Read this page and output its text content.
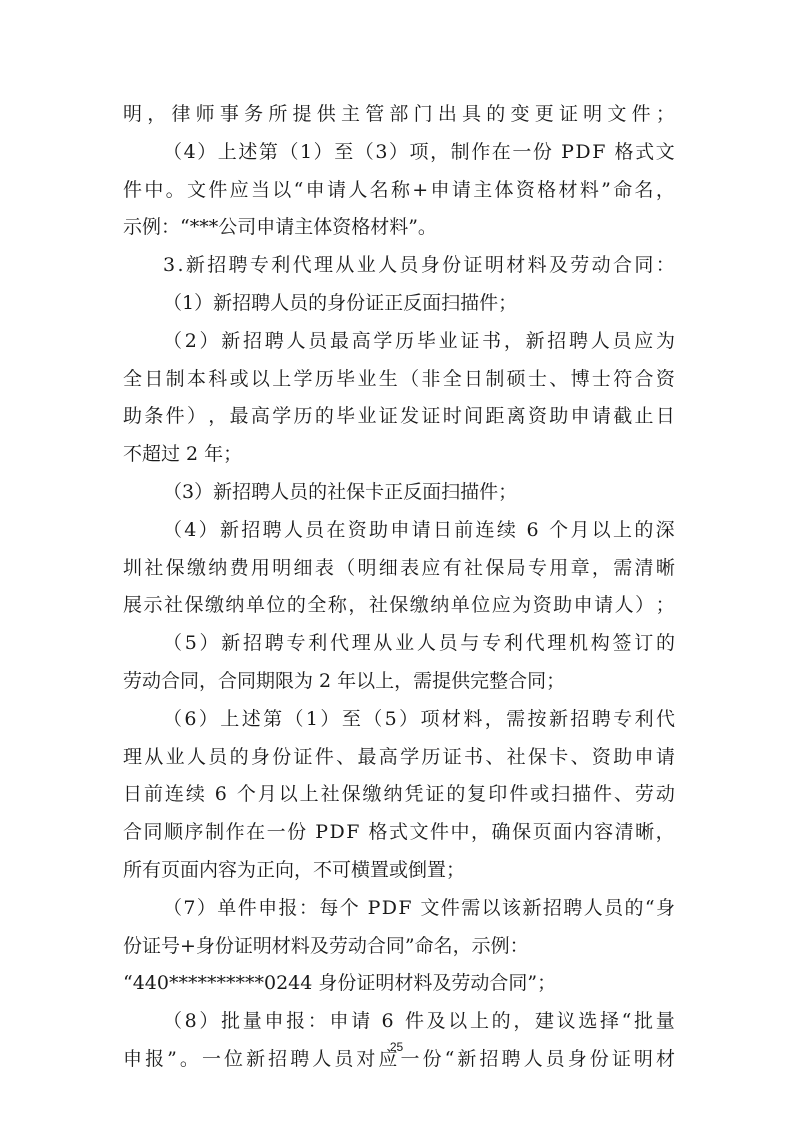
明 ， 律 师 事 务 所 提 供 主 管 部 门 出 具 的 变 更 证 明 文 件 ；
（ 4 ） 上 述 第 （ 1 ） 至 （ 3 ） 项 ， 制 作 在 一 份
P D F
格 式 文
件 中 。 文 件 应 当 以 “ 申 请 人 名 称 + 申 请 主 体 资 格 材 料 ” 命 名 ，
示例：“***公司申请主体资格材料”。
3 . 新 招 聘 专 利 代 理 从 业 人 员 身 份 证 明 材 料 及 劳 动 合 同 ：
（1）新招聘人员的身份证正反面扫描件；
（ 2 ） 新 招 聘 人 员 最 高 学 历 毕 业 证 书 ， 新 招 聘 人 员 应 为
全 日 制 本 科 或 以 上 学 历 毕 业 生 （ 非 全 日 制 硕 士 、 博 士 符 合 资
助 条 件 ） ， 最 高 学 历 的 毕 业 证 发 证 时 间 距 离 资 助 申 请 截 止 日
不超过 2 年；
（3）新招聘人员的社保卡正反面扫描件；
（ 4 ） 新 招 聘 人 员 在 资 助 申 请 日 前 连 续
6
个 月 以 上 的 深
圳 社 保 缴 纳 费 用 明 细 表 （ 明 细 表 应 有 社 保 局 专 用 章 ， 需 清 晰
展 示 社 保 缴 纳 单 位 的 全 称 ， 社 保 缴 纳 单 位 应 为 资 助 申 请 人 ） ；
（ 5 ） 新 招 聘 专 利 代 理 从 业 人 员 与 专 利 代 理 机 构 签 订 的
劳动合同，合同期限为 2 年以上，需提供完整合同；
（ 6 ） 上 述 第 （ 1 ） 至 （ 5 ） 项 材 料 ， 需 按 新 招 聘 专 利 代
理 从 业 人 员 的 身 份 证 件 、 最 高 学 历 证 书 、 社 保 卡 、 资 助 申 请
日 前 连 续
6
个 月 以 上 社 保 缴 纳 凭 证 的 复 印 件 或 扫 描 件 、 劳 动
合 同 顺 序 制 作 在 一 份
P D F
格 式 文 件 中 ， 确 保 页 面 内 容 清 晰 ，
所有页面内容为正向，不可横置或倒置；
（ 7 ） 单 件 申 报 ： 每 个
P D F
文 件 需 以 该 新 招 聘 人 员 的 “ 身
份证号+身份证明材料及劳动合同”命名，示例：
“440**********0244 身份证明材料及劳动合同”；
（ 8 ） 批 量 申 报 ： 申 请
6
件 及 以 上 的 ， 建 议 选 择 “ 批 量
申 报 ” 。 一 位 新 招 聘 人 员 对 应 一 份 “ 新 招 聘 人 员 身 份 证 明 材
25
